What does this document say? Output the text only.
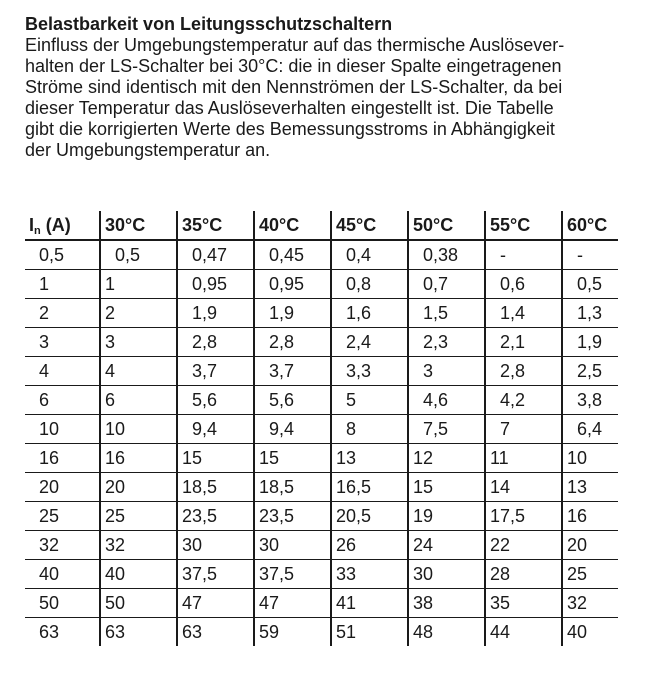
Belastbarkeit von Leitungsschutzschaltern

Einfluss der Umgebungstemperatur auf das thermische Auslösever-
halten der LS-Schalter bei 30°C: die in dieser Spalte eingetragenen
Ströme sind identisch mit den Nennströmen der LS-Schalter, da bei
dieser Temperatur das Auslöseverhalten eingestellt ist. Die Tabelle
gibt die korrigierten Werte des Bemessungsstroms in Abhängigkeit
der Umgebungstemperatur an.

$I_n$ (A)	30°C	35°C	40°C	45°C	50°C	55°C	60°C
0,5	0,5	0,47	0,45	0,4	0,38	-	-
1	1	0,95	0,95	0,8	0,7	0,6	0,5
2	2	1,9	1,9	1,6	1,5	1,4	1,3
3	3	2,8	2,8	2,4	2,3	2,1	1,9
4	4	3,7	3,7	3,3	3	2,8	2,5
6	6	5,6	5,6	5	4,6	4,2	3,8
10	10	9,4	9,4	8	7,5	7	6,4
16	16	15	15	13	12	11	10
20	20	18,5	18,5	16,5	15	14	13
25	25	23,5	23,5	20,5	19	17,5	16
32	32	30	30	26	24	22	20
40	40	37,5	37,5	33	30	28	25
50	50	47	47	41	38	35	32
63	63	63	59	51	48	44	40
